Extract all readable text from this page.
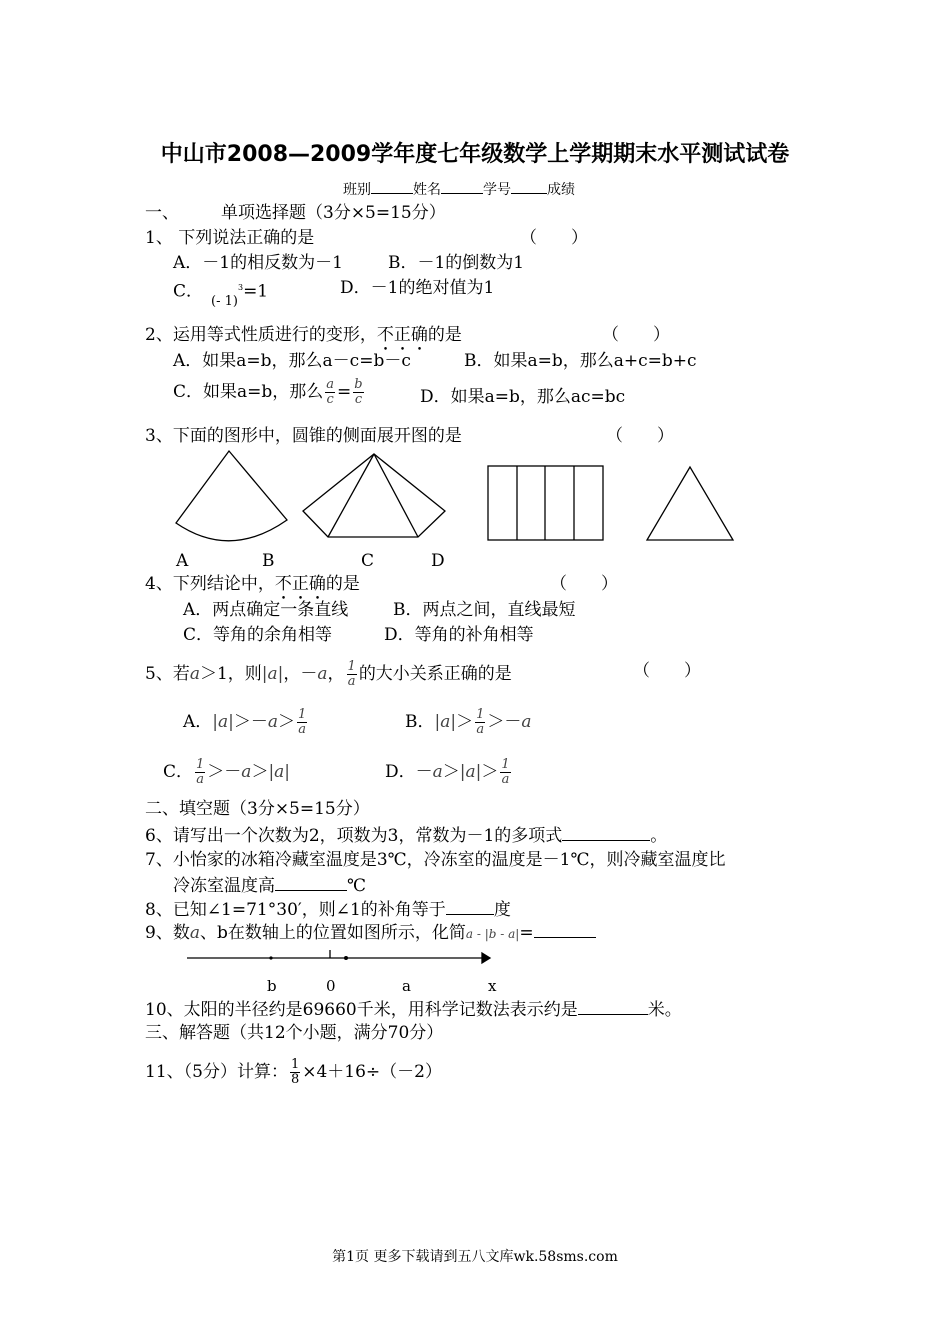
中山市2008—2009学年度七年级数学上学期期末水平测试试卷
班别	姓名	学号	成绩
一、 单项选择题（3分×5=15分）
1、 下列说法正确的是	（　　）
A．－1的相反数为－1	B．－1的倒数为1
C． $_{(- 1)}^3$=1	D．－1的绝对值为1
2、运用等式性质进行的变形，不正确的是	（　　）
A．如果a=b，那么a－c=b－c	B．如果a=b，那么a+c=b+c
C．如果a=b，那么 $\frac{a}{c} = \frac{b}{c}$	D．如果a=b，那么ac=bc
3、下面的图形中，圆锥的侧面展开图的是	（　　）
A	B	C	D
4、下列结论中，不正确的是	（　　）
A．两点确定一条直线	B．两点之间，直线最短
C．等角的余角相等	D．等角的补角相等
5、若a＞1，则|a|，－a， $\frac{1}{a}$ 的大小关系正确的是	（　　）
A．$|a|>-a> \frac{1}{a}$	B．$|a|> \frac{1}{a} >-a$
C． $\frac{1}{a} >-a>|a|$	D．$-a>|a|> \frac{1}{a}$
二、填空题（3分×5=15分）
6、请写出一个次数为2，项数为3，常数为－1的多项式	。
7、小怡家的冰箱冷藏室温度是3℃，冷冻室的温度是－1℃，则冷藏室温度比
冷冻室温度高	℃
8、已知∠1=71°30′，则∠1的补角等于	度
9、数a、b在数轴上的位置如图所示，化简a - |b - a|=
b	0	a	x
10、太阳的半径约是69660千米，用科学记数法表示约是	米。
三、解答题（共12个小题，满分70分）
11、（5分）计算： $\frac{1}{8} \times 4+16\div(-2)$
第1页 更多下载请到五八文库wk.58sms.com
